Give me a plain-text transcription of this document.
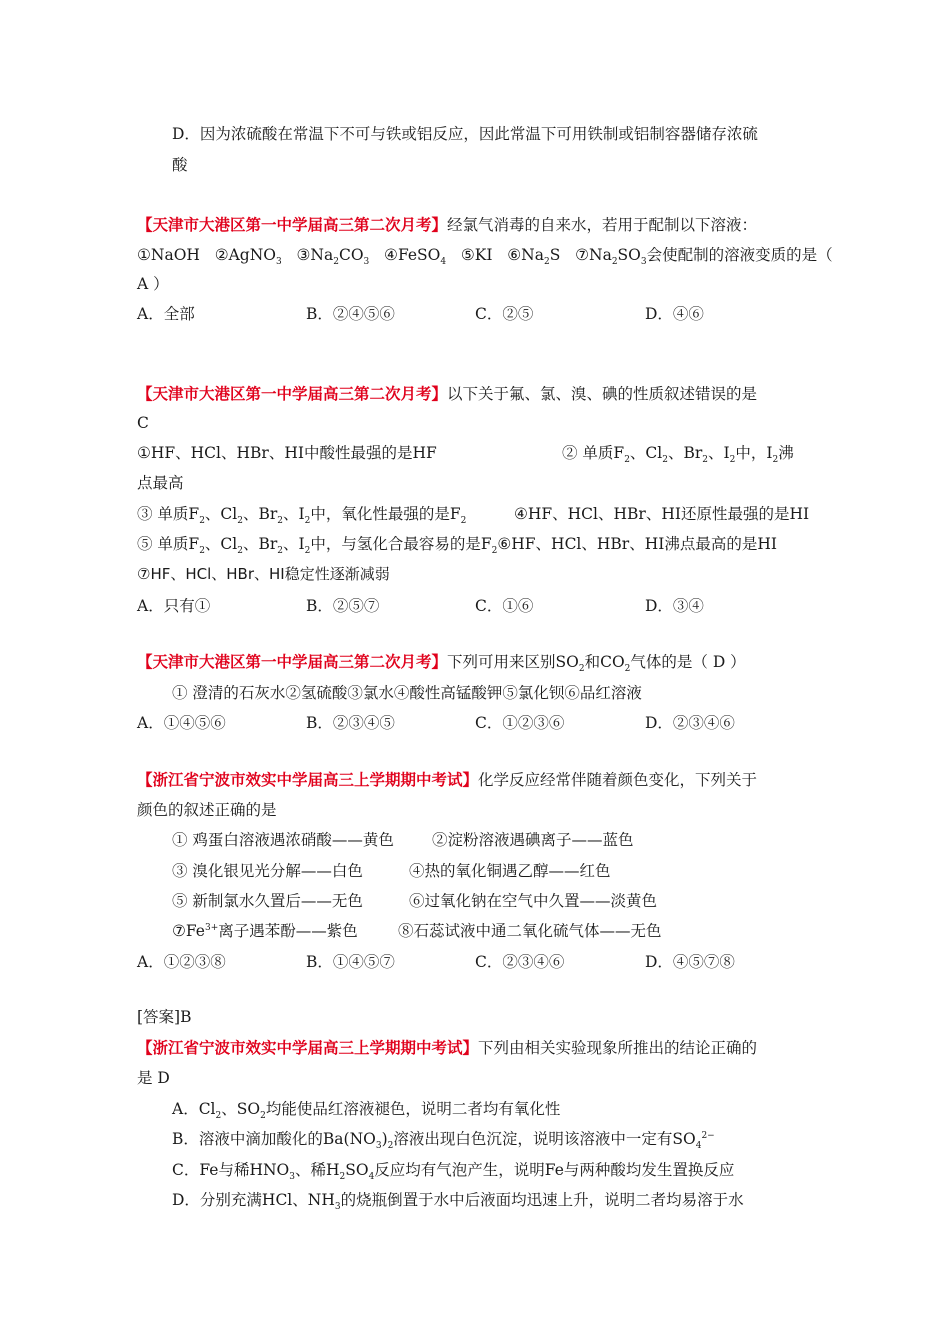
D．因为浓硫酸在常温下不可与铁或铝反应，因此常温下可用铁制或铝制容器储存浓硫
酸
【天津市大港区第一中学届高三第二次月考】经氯气消毒的自来水，若用于配制以下溶液：
①NaOH ②AgNO$_3$ $③Na_2CO_3$ ④FeSO$_4$ ⑤KI $⑥Na_2S$ $⑦Na_2SO_3$会使配制的溶液变质的是（
A ）
A．全部	B．②④⑤⑥	C．②⑤	D．④⑥
【天津市大港区第一中学届高三第二次月考】以下关于氟、氯、溴、碘的性质叙述错误的是
C
①HF、HCl、HBr、HI中酸性最强的是HF	② 单质$F_2$、$Cl_2$、$Br_2$、$I_2$中，$I_2$沸
点最高
③ 单质$F_2$、$Cl_2$、$Br_2$、$I_2$中，氧化性最强的是$F_2$	④HF、HCl、HBr、HI还原性最强的是HI
⑤ 单质$F_2$、$Cl_2$、$Br_2$、$I_2$中，与氢化合最容易的是$F_2⑥HF$、HCl、HBr、HI沸点最高的是HI
⑦HF、HCl、HBr、HI稳定性逐渐减弱
A．只有①	B．②⑤⑦	C．①⑥	D．③④
【天津市大港区第一中学届高三第二次月考】下列可用来区别$SO_2$和$CO_2$气体的是（ D ）
① 澄清的石灰水②氢硫酸③氯水④酸性高锰酸钾⑤氯化钡⑥品红溶液
A．①④⑤⑥	B．②③④⑤	C．①②③⑥	D．②③④⑥
【浙江省宁波市效实中学届高三上学期期中考试】化学反应经常伴随着颜色变化，下列关于
颜色的叙述正确的是
① 鸡蛋白溶液遇浓硝酸——黄色 ②淀粉溶液遇碘离子——蓝色
③ 溴化银见光分解——白色	④热的氧化铜遇乙醇——红色
⑤ 新制氯水久置后——无色	⑥过氧化钠在空气中久置——淡黄色
$⑦Fe^{3+}$离子遇苯酚——紫色	⑧石蕊试液中通二氧化硫气体——无色
A．①②③⑧	B．①④⑤⑦	C．②③④⑥	D．④⑤⑦⑧
[答案]B
【浙江省宁波市效实中学届高三上学期期中考试】下列由相关实验现象所推出的结论正确的
是 D
A．$Cl_2$、$SO_2$均能使品红溶液褪色，说明二者均有氧化性
B．溶液中滴加酸化的$Ba(NO_3)_2$溶液出现白色沉淀，说明该溶液中一定有$SO_4^{2-}$
C．Fe与稀$HNO_3$、稀$H_2SO_4$反应均有气泡产生，说明Fe与两种酸均发生置换反应
D．分别充满HCl、$NH_3$的烧瓶倒置于水中后液面均迅速上升，说明二者均易溶于水
